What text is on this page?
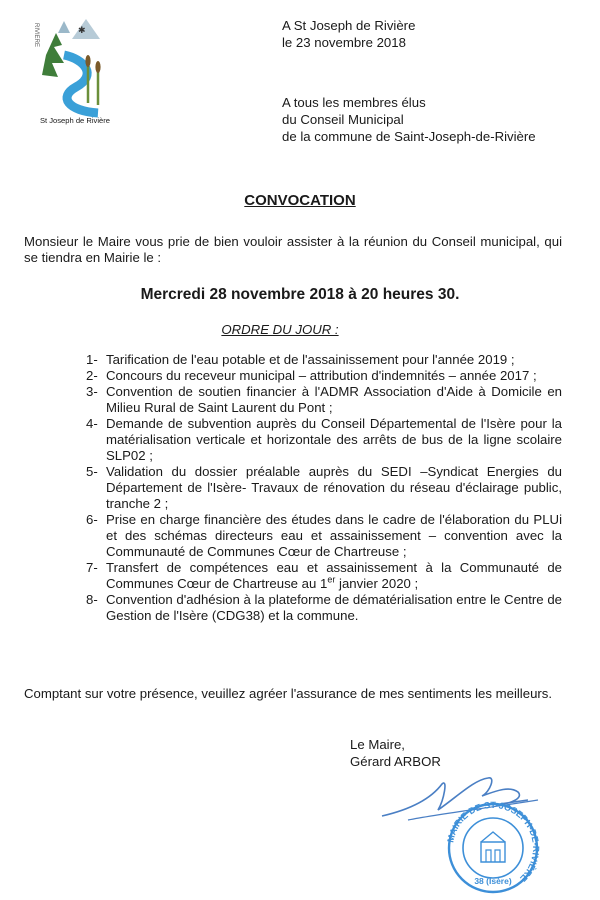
RIVIERE	✱
St Joseph de Rivière
A St Joseph de Rivière
le 23 novembre 2018
A tous les membres élus
du Conseil Municipal
de la commune de Saint-Joseph-de-Rivière
CONVOCATION
Monsieur le Maire vous prie de bien vouloir assister à la réunion du Conseil municipal, qui se tiendra en Mairie le :
Mercredi 28 novembre 2018 à 20 heures 30.
ORDRE DU JOUR :
1- Tarification de l'eau potable et de l'assainissement pour l'année 2019 ;
2- Concours du receveur municipal – attribution d'indemnités – année 2017 ;
3- Convention de soutien financier à l'ADMR Association d'Aide à Domicile en Milieu Rural de Saint Laurent du Pont ;
4- Demande de subvention auprès du Conseil Départemental de l'Isère pour la matérialisation verticale et horizontale des arrêts de bus de la ligne scolaire SLP02 ;
5- Validation du dossier préalable auprès du SEDI –Syndicat Energies du Département de l'Isère- Travaux de rénovation du réseau d'éclairage public, tranche 2 ;
6- Prise en charge financière des études dans le cadre de l'élaboration du PLUi et des schémas directeurs eau et assainissement – convention avec la Communauté de Communes Cœur de Chartreuse ;
7- Transfert de compétences eau et assainissement à la Communauté de Communes Cœur de Chartreuse au 1er janvier 2020 ;
8- Convention d'adhésion à la plateforme de dématérialisation entre le Centre de Gestion de l'Isère (CDG38) et la commune.
Comptant sur votre présence, veuillez agréer l'assurance de mes sentiments les meilleurs.
Le Maire,
Gérard ARBOR
MAIRIE DE ST-JOSEPH-DE-RIVIÈRE
38 (Isère)
